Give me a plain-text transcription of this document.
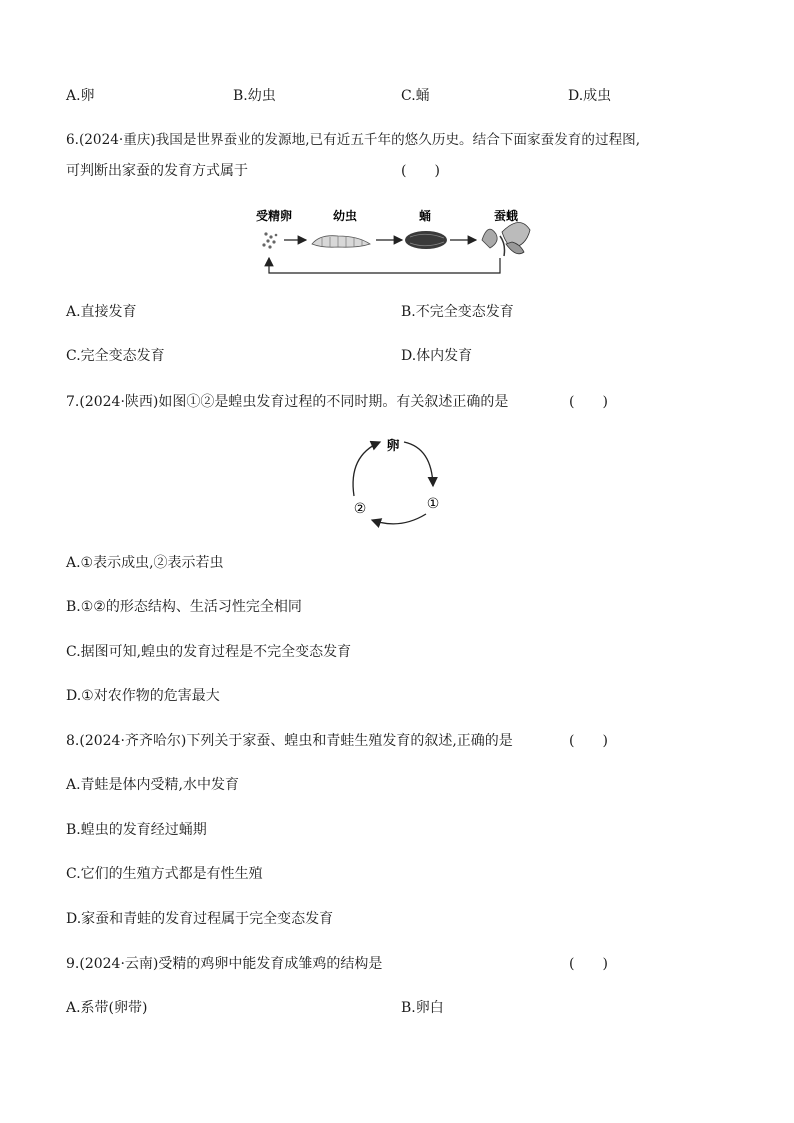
A.卵	B.幼虫	C.蛹	D.成虫
6.(2024·重庆)我国是世界蚕业的发源地,已有近五千年的悠久历史。结合下面家蚕发育的过程图,
可判断出家蚕的发育方式属于	(　　)
受精卵	幼虫	蛹	蚕蛾
A.直接发育	B.不完全变态发育
C.完全变态发育	D.体内发育
7.(2024·陕西)如图①②是蝗虫发育过程的不同时期。有关叙述正确的是	(　　)
卵
①
②
A.①表示成虫,②表示若虫
B.①②的形态结构、生活习性完全相同
C.据图可知,蝗虫的发育过程是不完全变态发育
D.①对农作物的危害最大
8.(2024·齐齐哈尔)下列关于家蚕、蝗虫和青蛙生殖发育的叙述,正确的是	(　　)
A.青蛙是体内受精,水中发育
B.蝗虫的发育经过蛹期
C.它们的生殖方式都是有性生殖
D.家蚕和青蛙的发育过程属于完全变态发育
9.(2024·云南)受精的鸡卵中能发育成雏鸡的结构是	(　　)
A.系带(卵带)	B.卵白
